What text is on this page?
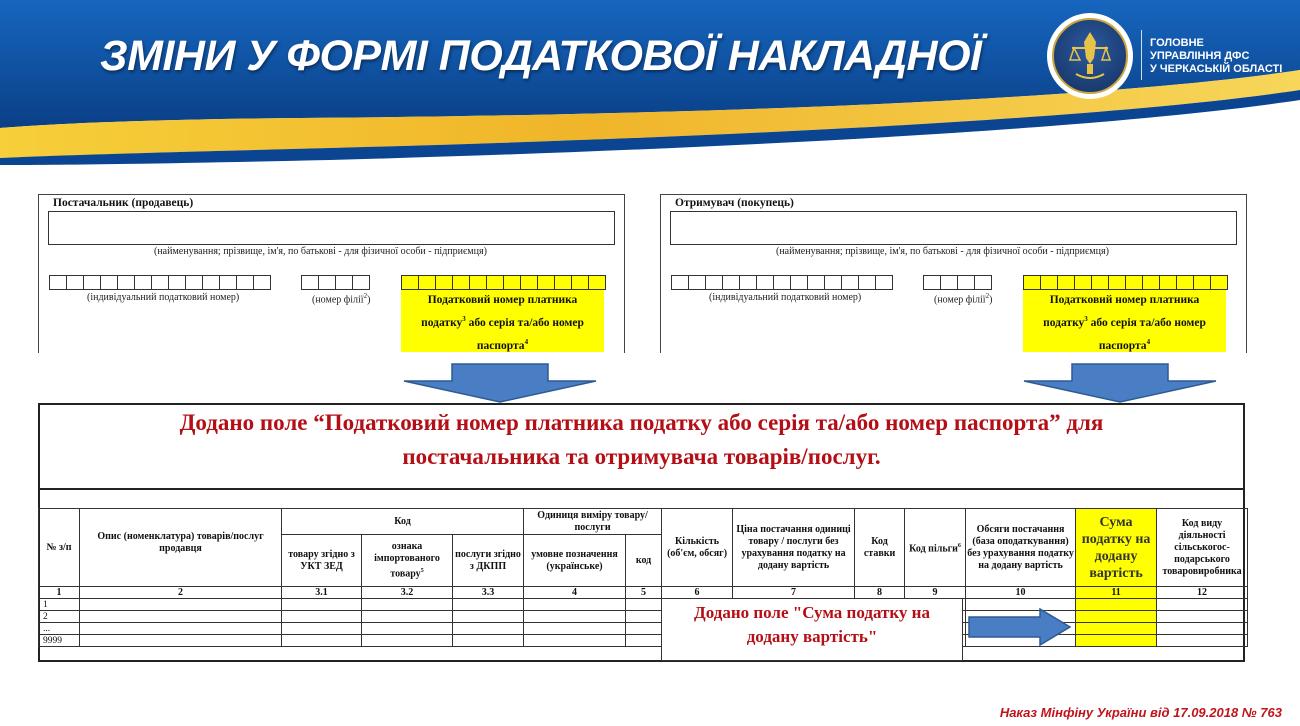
ЗМІНИ У ФОРМІ ПОДАТКОВОЇ НАКЛАДНОЇ	ГОЛОВНЕ
УПРАВЛІННЯ ДФС
У ЧЕРКАСЬКІЙ ОБЛАСТІ
Постачальник (продавець)
(найменування; прізвище, ім'я, по батькові - для фізичної особи - підприємця)
(індивідуальний податковий номер)	(номер філії$^2$)	Податковий номер платника
податку$^3$ або серія та/або номер
паспорта$^4$
Отримувач (покупець)
(найменування; прізвище, ім'я, по батькові - для фізичної особи - підприємця)
(індивідуальний податковий номер)	(номер філії$^2$)	Податковий номер платника
податку$^3$ або серія та/або номер
паспорта$^4$
Додано поле “Податковий номер платника податку або серія та/або номер паспорта” для
постачальника та отримувача товарів/послуг.
№ з/п	Опис (номенклатура) товарів/послуг продавця	Код			Одиниця виміру товару/послуги		Кількість (об'єм, обсяг)	Ціна постачання одиниці товару / послуги без урахування податку на додану вартість	Код ставки	Код пільги$^6$	Обсяги постачання (база оподаткування) без урахування податку на додану вартість	Сума податку на додану вартість	Код виду діяльності сільськогос-подарського товаровиробника
		товару згідно з УКТ ЗЕД	ознака імпортованого товару$^5$	послуги згідно з ДКПП	умовне позначення (українське)	код							
1	2	3.1	3.2	3.3	4	5	6	7	8	9	10	11	12
1													
2													
...													
9999													
Додано поле "Сума податку на
додану вартість"
Наказ Мінфіну України від 17.09.2018 № 763
